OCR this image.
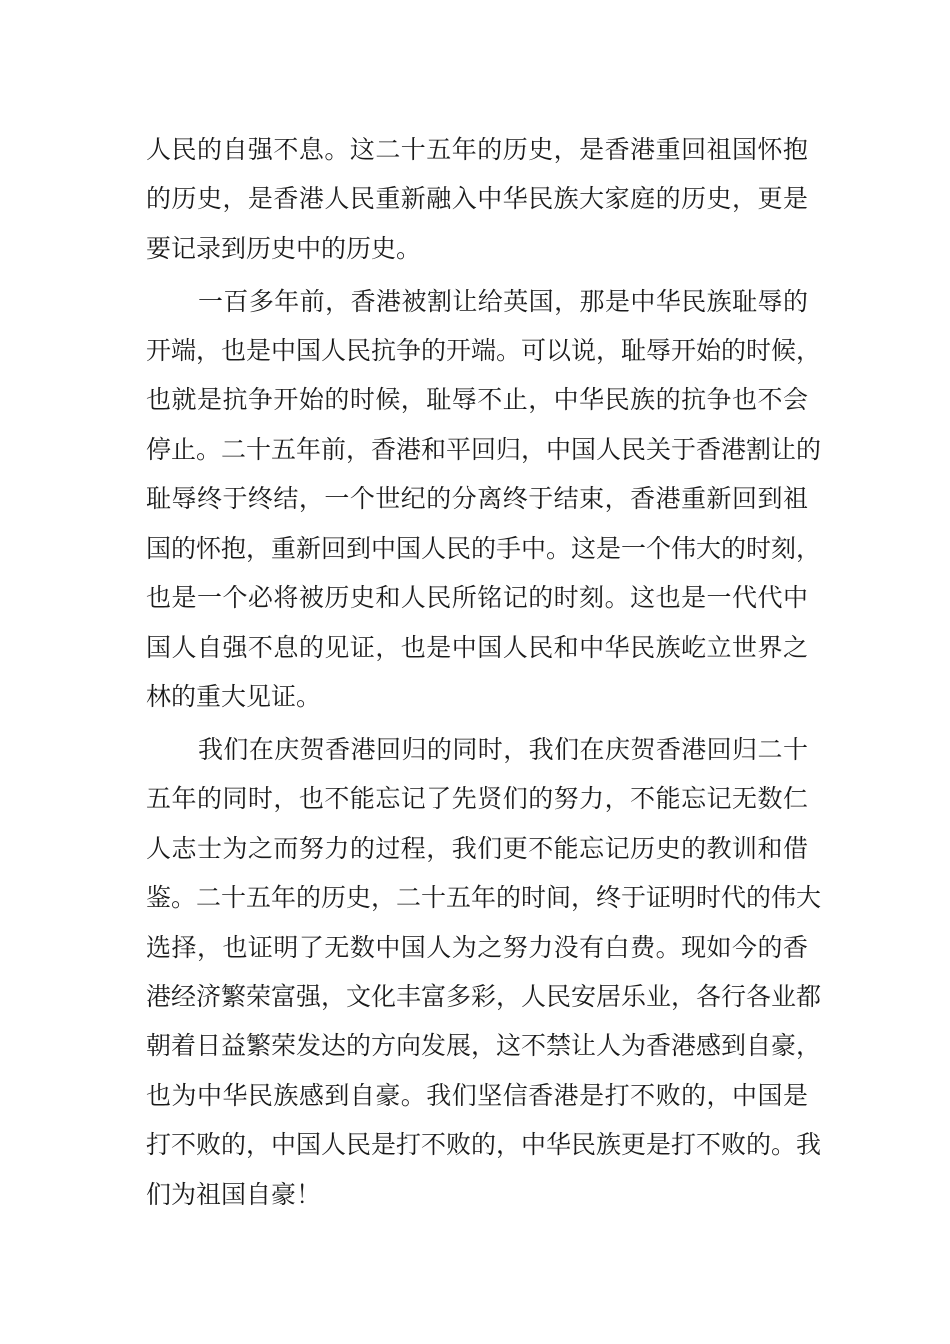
人民的自强不息。这二十五年的历史，是香港重回祖国怀抱
的历史，是香港人民重新融入中华民族大家庭的历史，更是
要记录到历史中的历史。
一百多年前，香港被割让给英国，那是中华民族耻辱的
开端，也是中国人民抗争的开端。可以说，耻辱开始的时候，
也就是抗争开始的时候，耻辱不止，中华民族的抗争也不会
停止。二十五年前，香港和平回归，中国人民关于香港割让的
耻辱终于终结，一个世纪的分离终于结束，香港重新回到祖
国的怀抱，重新回到中国人民的手中。这是一个伟大的时刻，
也是一个必将被历史和人民所铭记的时刻。这也是一代代中
国人自强不息的见证，也是中国人民和中华民族屹立世界之
林的重大见证。
我们在庆贺香港回归的同时，我们在庆贺香港回归二十
五年的同时，也不能忘记了先贤们的努力，不能忘记无数仁
人志士为之而努力的过程，我们更不能忘记历史的教训和借
鉴。二十五年的历史，二十五年的时间，终于证明时代的伟大
选择，也证明了无数中国人为之努力没有白费。现如今的香
港经济繁荣富强，文化丰富多彩，人民安居乐业，各行各业都
朝着日益繁荣发达的方向发展，这不禁让人为香港感到自豪，
也为中华民族感到自豪。我们坚信香港是打不败的，中国是
打不败的，中国人民是打不败的，中华民族更是打不败的。我
们为祖国自豪！
